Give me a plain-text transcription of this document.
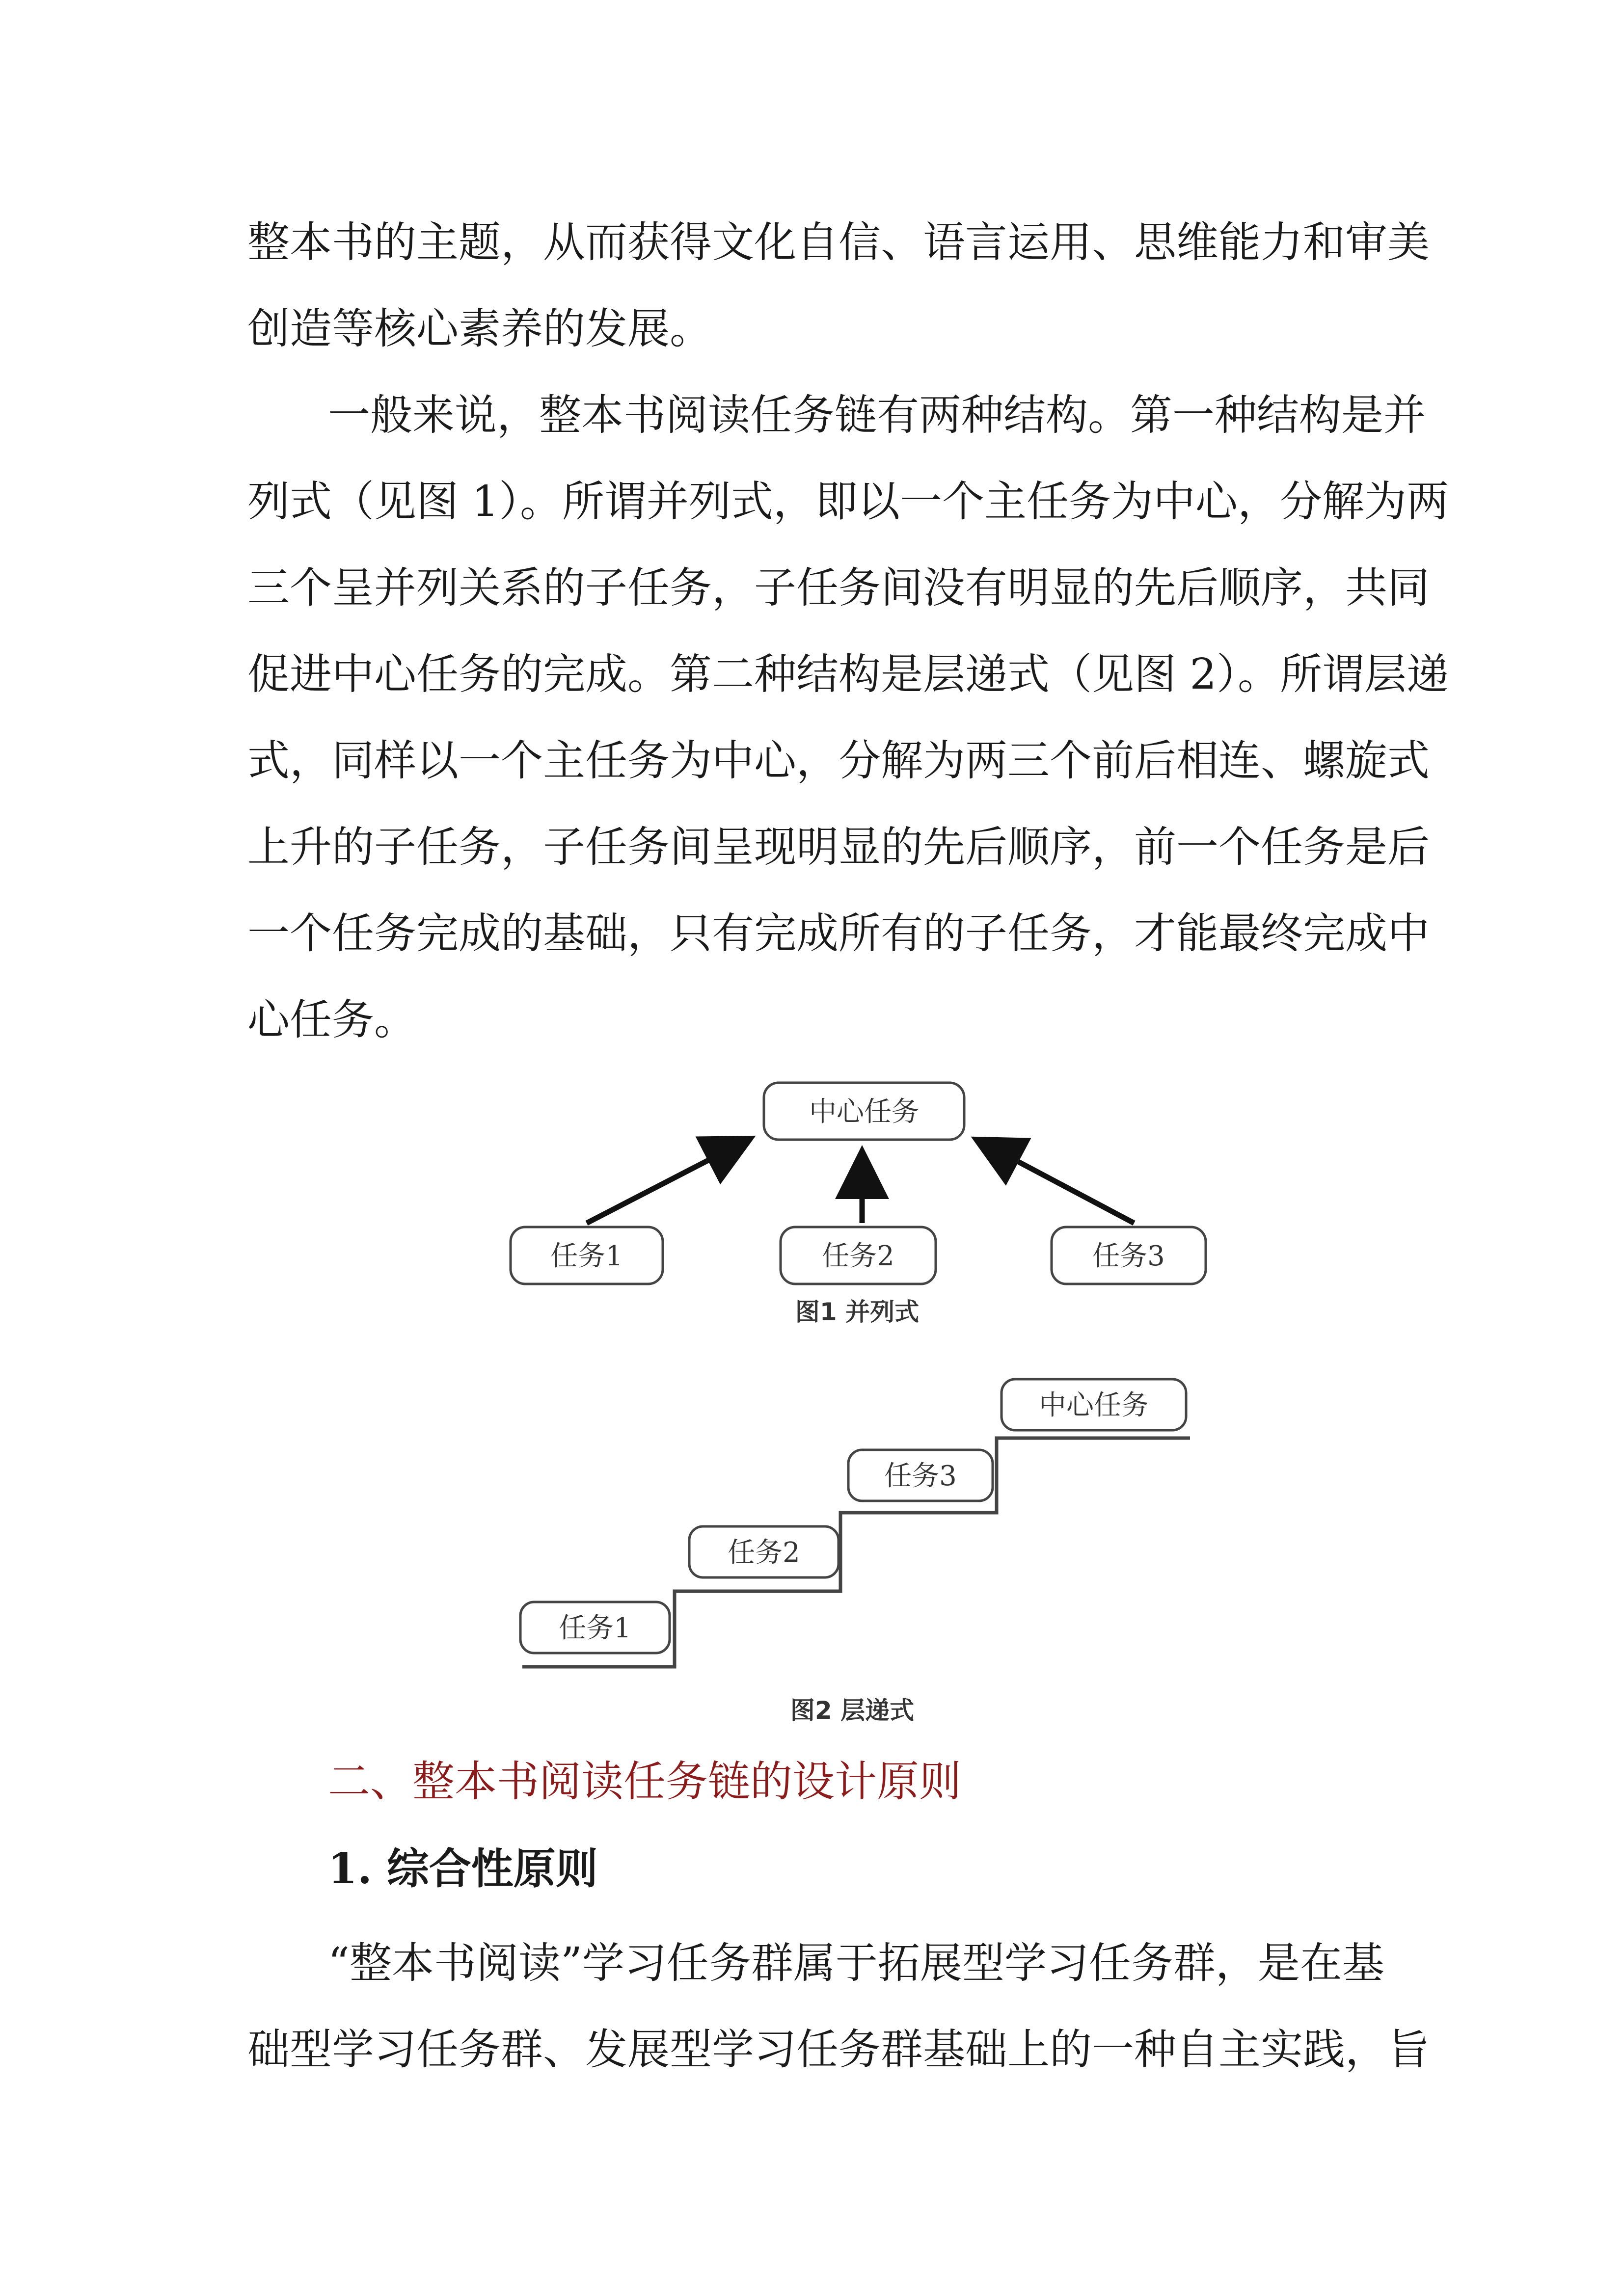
整本书的主题，从而获得文化自信、语言运用、思维能力和审美
创造等核心素养的发展。
一般来说，整本书阅读任务链有两种结构。第一种结构是并
列式（见图 1）。所谓并列式，即以一个主任务为中心，分解为两
三个呈并列关系的子任务，子任务间没有明显的先后顺序，共同
促进中心任务的完成。第二种结构是层递式（见图 2）。所谓层递
式，同样以一个主任务为中心，分解为两三个前后相连、螺旋式
上升的子任务，子任务间呈现明显的先后顺序，前一个任务是后
一个任务完成的基础，只有完成所有的子任务，才能最终完成中
心任务。
中心任务
任务1	任务2	任务3
图1 并列式
任务1
任务2
任务3
中心任务
图2 层递式
二、整本书阅读任务链的设计原则
1. 综合性原则
“整本书阅读”学习任务群属于拓展型学习任务群，是在基
础型学习任务群、发展型学习任务群基础上的一种自主实践，旨
